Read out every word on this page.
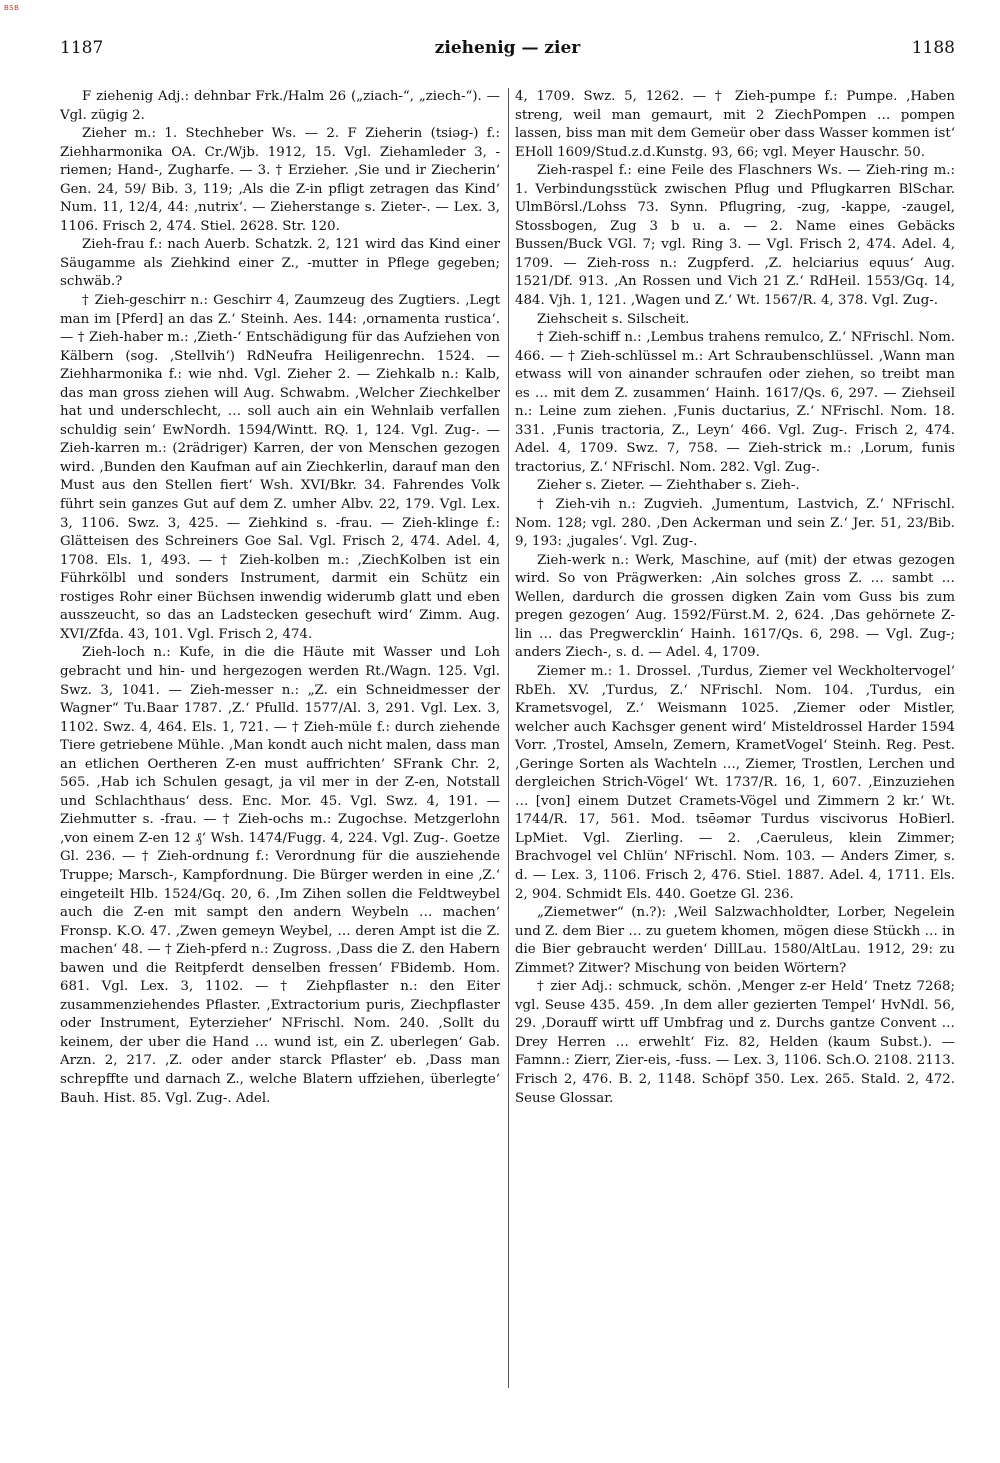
BSB
ziehenig — zier
1187	1188

F ziehenig Adj.: dehnbar Frk./Halm 26 („ziach-“, „ziech-“). — Vgl. zügig 2.

Zieher m.: 1. Stechheber Ws. — 2. F Zieherin (tsiəg-) f.: Ziehharmonika OA. Cr./Wjb. 1912, 15. Vgl. Ziehamleder 3, -riemen; Hand-, Zugharfe. — 3. † Erzieher. ‚Sie und ir Ziecherin‘ Gen. 24, 59/ Bib. 3, 119; ‚Als die Z-in pfligt zetragen das Kind‘ Num. 11, 12/4, 44: ‚nutrix‘. — Zieherstange s. Zieter-. — Lex. 3, 1106. Frisch 2, 474. Stiel. 2628. Str. 120.

Zieh-frau f.: nach Auerb. Schatzk. 2, 121 wird das Kind einer Säugamme als Ziehkind einer Z., -mutter in Pflege gegeben; schwäb.?

† Zieh-geschirr n.: Geschirr 4, Zaumzeug des Zugtiers. ‚Legt man im [Pferd] an das Z.‘ Steinh. Aes. 144: ‚ornamenta rustica‘. — † Zieh-haber m.: ‚Zieth-‘ Entschädigung für das Aufziehen von Kälbern (sog. ‚Stellvih‘) RdNeufra Heiligenrechn. 1524. — Ziehharmonika f.: wie nhd. Vgl. Zieher 2. — Ziehkalb n.: Kalb, das man gross ziehen will Aug. Schwabm. ‚Welcher Ziechkelber hat und underschlecht, … soll auch ain ein Wehnlaib verfallen schuldig sein‘ EwNordh. 1594/Wintt. RQ. 1, 124. Vgl. Zug-. — Zieh-karren m.: (2rädriger) Karren, der von Menschen gezogen wird. ‚Bunden den Kaufman auf ain Ziechkerlin, darauf man den Must aus den Stellen fiert‘ Wsh. XVI/Bkr. 34. Fahrendes Volk führt sein ganzes Gut auf dem Z. umher Albv. 22, 179. Vgl. Lex. 3, 1106. Swz. 3, 425. — Ziehkind s. -frau. — Zieh-klinge f.: Glätteisen des Schreiners Goe Sal. Vgl. Frisch 2, 474. Adel. 4, 1708. Els. 1, 493. — † Zieh-kolben m.: ‚ZiechKolben ist ein Führkölbl und sonders Instrument, darmit ein Schütz ein rostiges Rohr einer Büchsen inwendig widerumb glatt und eben ausszeucht, so das an Ladstecken gesechuft wird‘ Zimm. Aug. XVI/Zfda. 43, 101. Vgl. Frisch 2, 474.

Zieh-loch n.: Kufe, in die die Häute mit Wasser und Loh gebracht und hin- und hergezogen werden Rt./Wagn. 125. Vgl. Swz. 3, 1041. — Zieh-messer n.: „Z. ein Schneidmesser der Wagner“ Tu.Baar 1787. ‚Z.‘ Pfulld. 1577/Al. 3, 291. Vgl. Lex. 3, 1102. Swz. 4, 464. Els. 1, 721. — † Zieh-müle f.: durch ziehende Tiere getriebene Mühle. ‚Man kondt auch nicht malen, dass man an etlichen Oertheren Z-en must auffrichten‘ SFrank Chr. 2, 565. ‚Hab ich Schulen gesagt, ja vil mer in der Z-en, Notstall und Schlachthaus‘ dess. Enc. Mor. 45. Vgl. Swz. 4, 191. — Ziehmutter s. -frau. — † Zieh-ochs m.: Zugochse. Metzgerlohn ‚von einem Z-en 12 ₰‘ Wsh. 1474/Fugg. 4, 224. Vgl. Zug-. Goetze Gl. 236. — † Zieh-ordnung f.: Verordnung für die ausziehende Truppe; Marsch-, Kampfordnung. Die Bürger werden in eine ‚Z.‘ eingeteilt Hlb. 1524/Gq. 20, 6. ‚Im Zihen sollen die Feldtweybel auch die Z-en mit sampt den andern Weybeln … machen‘ Fronsp. K.O. 47. ‚Zwen gemeyn Weybel, … deren Ampt ist die Z. machen‘ 48. — † Zieh-pferd n.: Zugross. ‚Dass die Z. den Habern bawen und die Reitpferdt denselben fressen‘ FBidemb. Hom. 681. Vgl. Lex. 3, 1102. — † Ziehpflaster n.: den Eiter zusammenziehendes Pflaster. ‚Extractorium puris, Ziechpflaster oder Instrument, Eyterzieher‘ NFrischl. Nom. 240. ‚Sollt du keinem, der uber die Hand … wund ist, ein Z. uberlegen‘ Gab. Arzn. 2, 217. ‚Z. oder ander starck Pflaster‘ eb. ‚Dass man schrepffte und darnach Z., welche Blatern uffziehen, überlegte‘ Bauh. Hist. 85. Vgl. Zug-. Adel.

4, 1709. Swz. 5, 1262. — † Zieh-pumpe f.: Pumpe. ‚Haben streng, weil man gemaurt, mit 2 ZiechPompen … pompen lassen, biss man mit dem Gemeür ober dass Wasser kommen ist‘ EHoll 1609/Stud.z.d.Kunstg. 93, 66; vgl. Meyer Hauschr. 50.

Zieh-raspel f.: eine Feile des Flaschners Ws. — Zieh-ring m.: 1. Verbindungsstück zwischen Pflug und Pflugkarren BlSchar. UlmBörsl./Lohss 73. Synn. Pflugring, -zug, -kappe, -zaugel, Stossbogen, Zug 3 b u. a. — 2. Name eines Gebäcks Bussen/Buck VGl. 7; vgl. Ring 3. — Vgl. Frisch 2, 474. Adel. 4, 1709. — Zieh-ross n.: Zugpferd. ‚Z. helciarius equus‘ Aug. 1521/Df. 913. ‚An Rossen und Vich 21 Z.‘ RdHeil. 1553/Gq. 14, 484. Vjh. 1, 121. ‚Wagen und Z.‘ Wt. 1567/R. 4, 378. Vgl. Zug-.

Ziehscheit s. Silscheit.

† Zieh-schiff n.: ‚Lembus trahens remulco, Z.‘ NFrischl. Nom. 466. — † Zieh-schlüssel m.: Art Schraubenschlüssel. ‚Wann man etwass will von ainander schraufen oder ziehen, so treibt man es … mit dem Z. zusammen‘ Hainh. 1617/Qs. 6, 297. — Ziehseil n.: Leine zum ziehen. ‚Funis ductarius, Z.‘ NFrischl. Nom. 18. 331. ‚Funis tractoria, Z., Leyn‘ 466. Vgl. Zug-. Frisch 2, 474. Adel. 4, 1709. Swz. 7, 758. — Zieh-strick m.: ‚Lorum, funis tractorius, Z.‘ NFrischl. Nom. 282. Vgl. Zug-.

Zieher s. Zieter. — Ziehthaber s. Zieh-.

† Zieh-vih n.: Zugvieh. ‚Jumentum, Lastvich, Z.‘ NFrischl. Nom. 128; vgl. 280. ‚Den Ackerman und sein Z.‘ Jer. 51, 23/Bib. 9, 193: ‚jugales‘. Vgl. Zug-.

Zieh-werk n.: Werk, Maschine, auf (mit) der etwas gezogen wird. So von Prägwerken: ‚Ain solches gross Z. … sambt … Wellen, dardurch die grossen digken Zain vom Guss bis zum pregen gezogen‘ Aug. 1592/Fürst.M. 2, 624. ‚Das gehörnete Z-lin … das Pregwercklin‘ Hainh. 1617/Qs. 6, 298. — Vgl. Zug-; anders Ziech-, s. d. — Adel. 4, 1709.

Ziemer m.: 1. Drossel. ‚Turdus, Ziemer vel Weckholtervogel‘ RbEh. XV. ‚Turdus, Z.‘ NFrischl. Nom. 104. ‚Turdus, ein Krametsvogel, Z.‘ Weismann 1025. ‚Ziemer oder Mistler, welcher auch Kachsger genent wird‘ Misteldrossel Harder 1594 Vorr. ‚Trostel, Amseln, Zemern, KrametVogel‘ Steinh. Reg. Pest. ‚Geringe Sorten als Wachteln …, Ziemer, Trostlen, Lerchen und dergleichen Strich-Vögel‘ Wt. 1737/R. 16, 1, 607. ‚Einzuziehen … [von] einem Dutzet Cramets-Vögel und Zimmern 2 kr.‘ Wt. 1744/R. 17, 561. Mod. tsēəmər Turdus viscivorus HoBierl. LpMiet. Vgl. Zierling. — 2. ‚Caeruleus, klein Zimmer; Brachvogel vel Chlün‘ NFrischl. Nom. 103. — Anders Zimer, s. d. — Lex. 3, 1106. Frisch 2, 476. Stiel. 1887. Adel. 4, 1711. Els. 2, 904. Schmidt Els. 440. Goetze Gl. 236.

„Ziemetwer“ (n.?): ‚Weil Salzwachholdter, Lorber, Negelein und Z. dem Bier … zu guetem khomen, mögen diese Stückh … in die Bier gebraucht werden‘ DillLau. 1580/AltLau. 1912, 29: zu Zimmet? Zitwer? Mischung von beiden Wörtern?

† zier Adj.: schmuck, schön. ‚Menger z-er Held‘ Tnetz 7268; vgl. Seuse 435. 459. ‚In dem aller gezierten Tempel‘ HvNdl. 56, 29. ‚Dorauff wirtt uff Umbfrag und z. Durchs gantze Convent … Drey Herren … erwehlt‘ Fiz. 82, Helden (kaum Subst.). — Famnn.: Zierr, Zier-eis, -fuss. — Lex. 3, 1106. Sch.O. 2108. 2113. Frisch 2, 476. B. 2, 1148. Schöpf 350. Lex. 265. Stald. 2, 472. Seuse Glossar.
